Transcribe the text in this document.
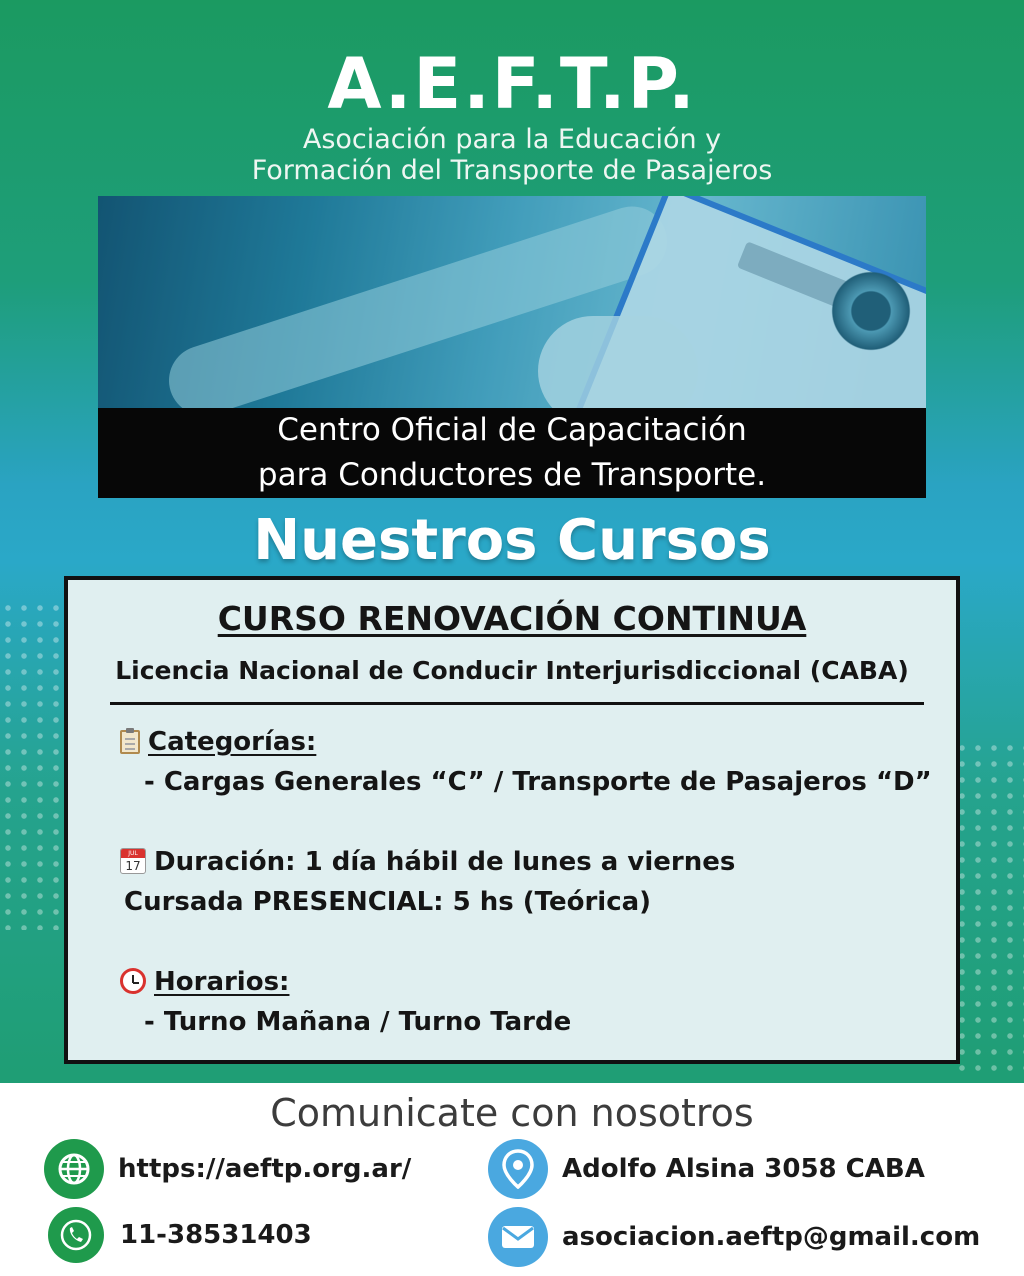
A.E.F.T.P.
Asociación para la Educación y
Formación del Transporte de Pasajeros
Centro Oficial de Capacitación
para Conductores de Transporte.
Nuestros Cursos
CURSO RENOVACIÓN CONTINUA
Licencia Nacional de Conducir Interjurisdiccional (CABA)
Categorías:
- Cargas Generales “C” / Transporte de Pasajeros “D”
JUL
17 Duración: 1 día hábil de lunes a viernes
Cursada PRESENCIAL: 5 hs (Teórica)
Horarios:
- Turno Mañana / Turno Tarde
Comunicate con nosotros
https://aeftp.org.ar/	Adolfo Alsina 3058 CABA
11-38531403	asociacion.aeftp@gmail.com
